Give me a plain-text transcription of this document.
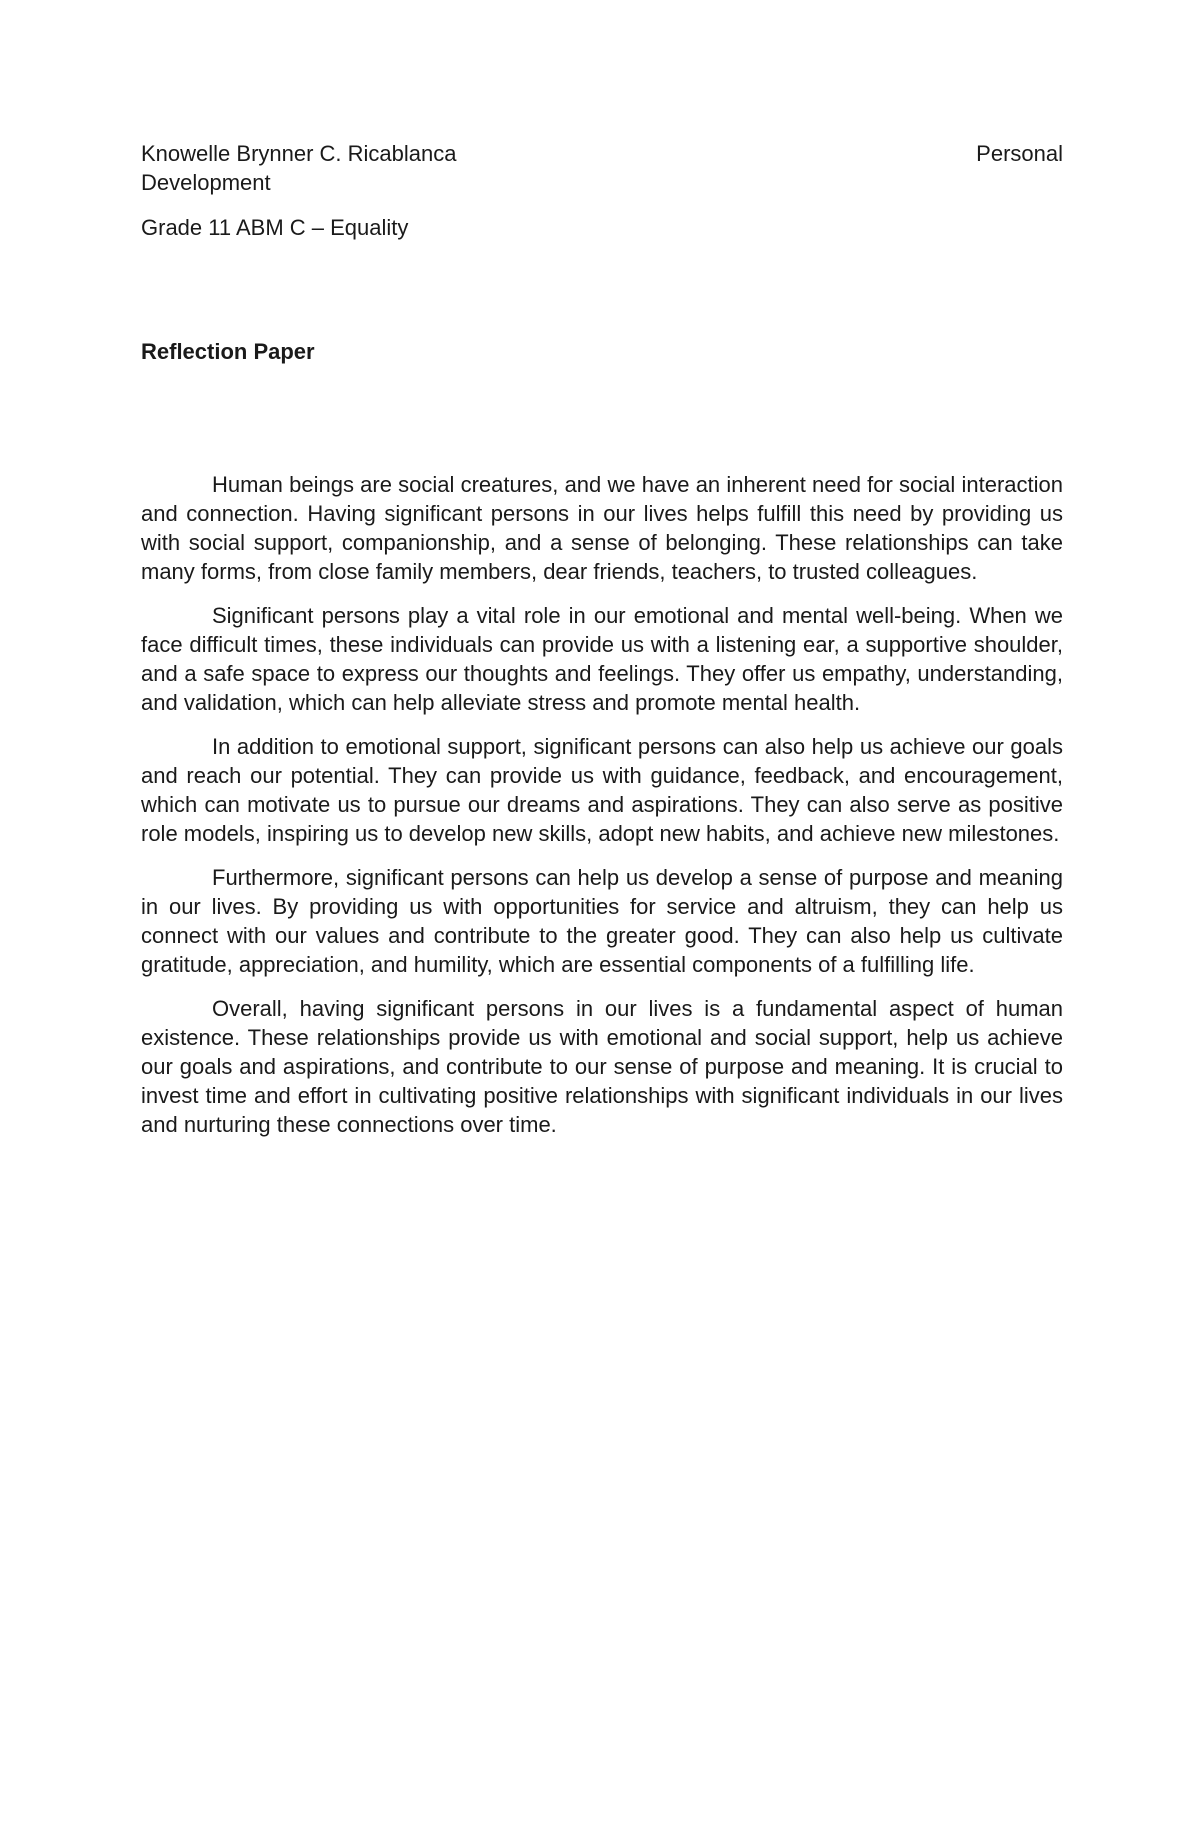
Knowelle Brynner C. Ricablanca	Personal
Development
Grade 11 ABM C – Equality
Reflection Paper

Human beings are social creatures, and we have an inherent need for social interaction and connection. Having significant persons in our lives helps fulfill this need by providing us with social support, companionship, and a sense of belonging. These relationships can take many forms, from close family members, dear friends, teachers, to trusted colleagues.

Significant persons play a vital role in our emotional and mental well-being. When we face difficult times, these individuals can provide us with a listening ear, a supportive shoulder, and a safe space to express our thoughts and feelings. They offer us empathy, understanding, and validation, which can help alleviate stress and promote mental health.

In addition to emotional support, significant persons can also help us achieve our goals and reach our potential. They can provide us with guidance, feedback, and encouragement, which can motivate us to pursue our dreams and aspirations. They can also serve as positive role models, inspiring us to develop new skills, adopt new habits, and achieve new milestones.

Furthermore, significant persons can help us develop a sense of purpose and meaning in our lives. By providing us with opportunities for service and altruism, they can help us connect with our values and contribute to the greater good. They can also help us cultivate gratitude, appreciation, and humility, which are essential components of a fulfilling life.

Overall, having significant persons in our lives is a fundamental aspect of human existence. These relationships provide us with emotional and social support, help us achieve our goals and aspirations, and contribute to our sense of purpose and meaning. It is crucial to invest time and effort in cultivating positive relationships with significant individuals in our lives and nurturing these connections over time.
